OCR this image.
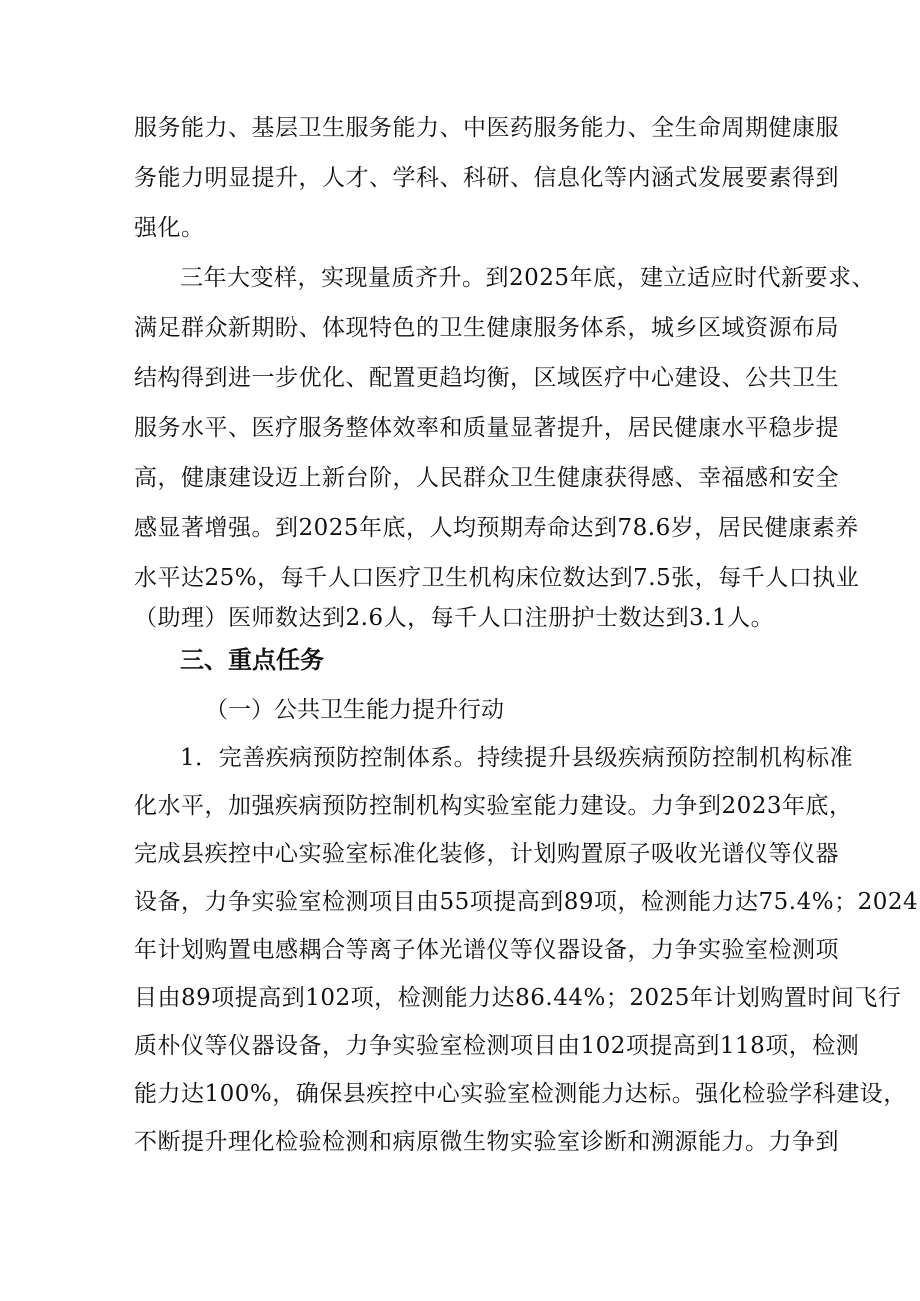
服务能力、基层卫生服务能力、中医药服务能力、全生命周期健康服
务能力明显提升，人才、学科、科研、信息化等内涵式发展要素得到
强化。
三年大变样，实现量质齐升。到2025年底，建立适应时代新要求、
满足群众新期盼、体现特色的卫生健康服务体系，城乡区域资源布局
结构得到进一步优化、配置更趋均衡，区域医疗中心建设、公共卫生
服务水平、医疗服务整体效率和质量显著提升，居民健康水平稳步提
高，健康建设迈上新台阶，人民群众卫生健康获得感、幸福感和安全
感显著增强。到2025年底，人均预期寿命达到78.6岁，居民健康素养
水平达25%，每千人口医疗卫生机构床位数达到7.5张，每千人口执业
（助理）医师数达到2.6人，每千人口注册护士数达到3.1人。
三、重点任务
（一）公共卫生能力提升行动
1．完善疾病预防控制体系。持续提升县级疾病预防控制机构标准
化水平，加强疾病预防控制机构实验室能力建设。力争到2023年底，
完成县疾控中心实验室标准化装修，计划购置原子吸收光谱仪等仪器
设备，力争实验室检测项目由55项提高到89项，检测能力达75.4%；2024
年计划购置电感耦合等离子体光谱仪等仪器设备，力争实验室检测项
目由89项提高到102项，检测能力达86.44%；2025年计划购置时间飞行
质朴仪等仪器设备，力争实验室检测项目由102项提高到118项，检测
能力达100%，确保县疾控中心实验室检测能力达标。强化检验学科建设，
不断提升理化检验检测和病原微生物实验室诊断和溯源能力。力争到
